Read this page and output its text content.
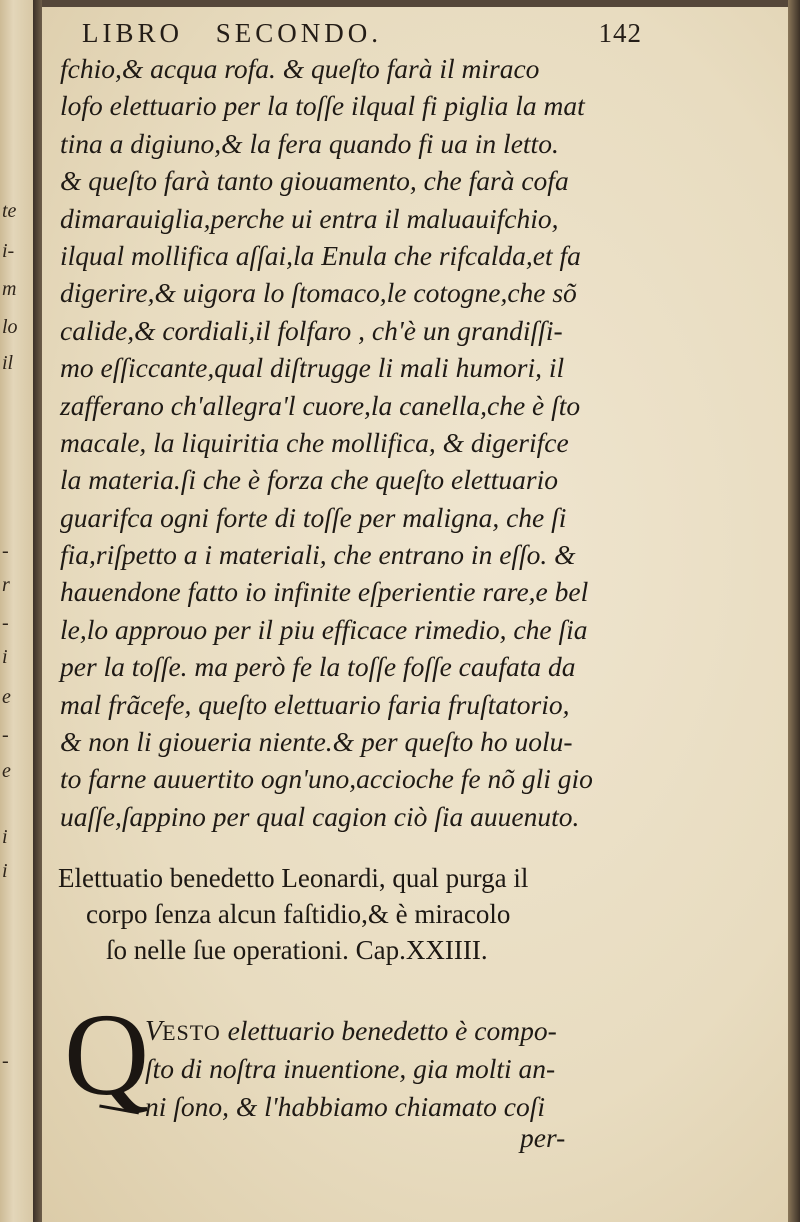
te
i-
m
lo
il
-
r
-
i
e
-
e
i
i
-
LIBRO SECONDO.	142
fchio,& acqua rofa. & queſto farà il miraco
lofo elettuario per la toſſe ilqual fi piglia la mat
tina a digiuno,& la fera quando fi ua in letto.
& queſto farà tanto giouamento, che farà cofa
dimarauiglia,perche ui entra il maluauifchio,
ilqual mollifica aſſai,la Enula che rifcalda,et fa
digerire,& uigora lo ſtomaco,le cotogne,che sõ
calide,& cordiali,il folfaro , ch'è un grandiſſi-
mo eſſiccante,qual diſtrugge li mali humori, il
zafferano ch'allegra'l cuore,la canella,che è ſto
macale, la liquiritia che mollifica, & digerifce
la materia.ſi che è forza che queſto elettuario
guarifca ogni forte di toſſe per maligna, che ſi
fia,riſpetto a i materiali, che entrano in eſſo. &
hauendone fatto io infinite eſperientie rare,e bel
le,lo approuo per il piu efficace rimedio, che ſia
per la toſſe. ma però fe la toſſe foſſe caufata da
mal frãcefe, queſto elettuario faria fruſtatorio,
& non li gioueria niente.& per queſto ho uolu-
to farne auuertito ogn'uno,accioche fe nõ gli gio
uaſſe,ſappino per qual cagion ciò ſia auuenuto.
Elettuatio benedetto Leonardi, qual purga il
corpo ſenza alcun faſtidio,& è miracolo
ſo nelle ſue operationi. Cap.XXIIII.
Q
VESTO elettuario benedetto è compo-
ſto di noſtra inuentione, gia molti an-
ni ſono, & l'habbiamo chiamato coſi
per-
